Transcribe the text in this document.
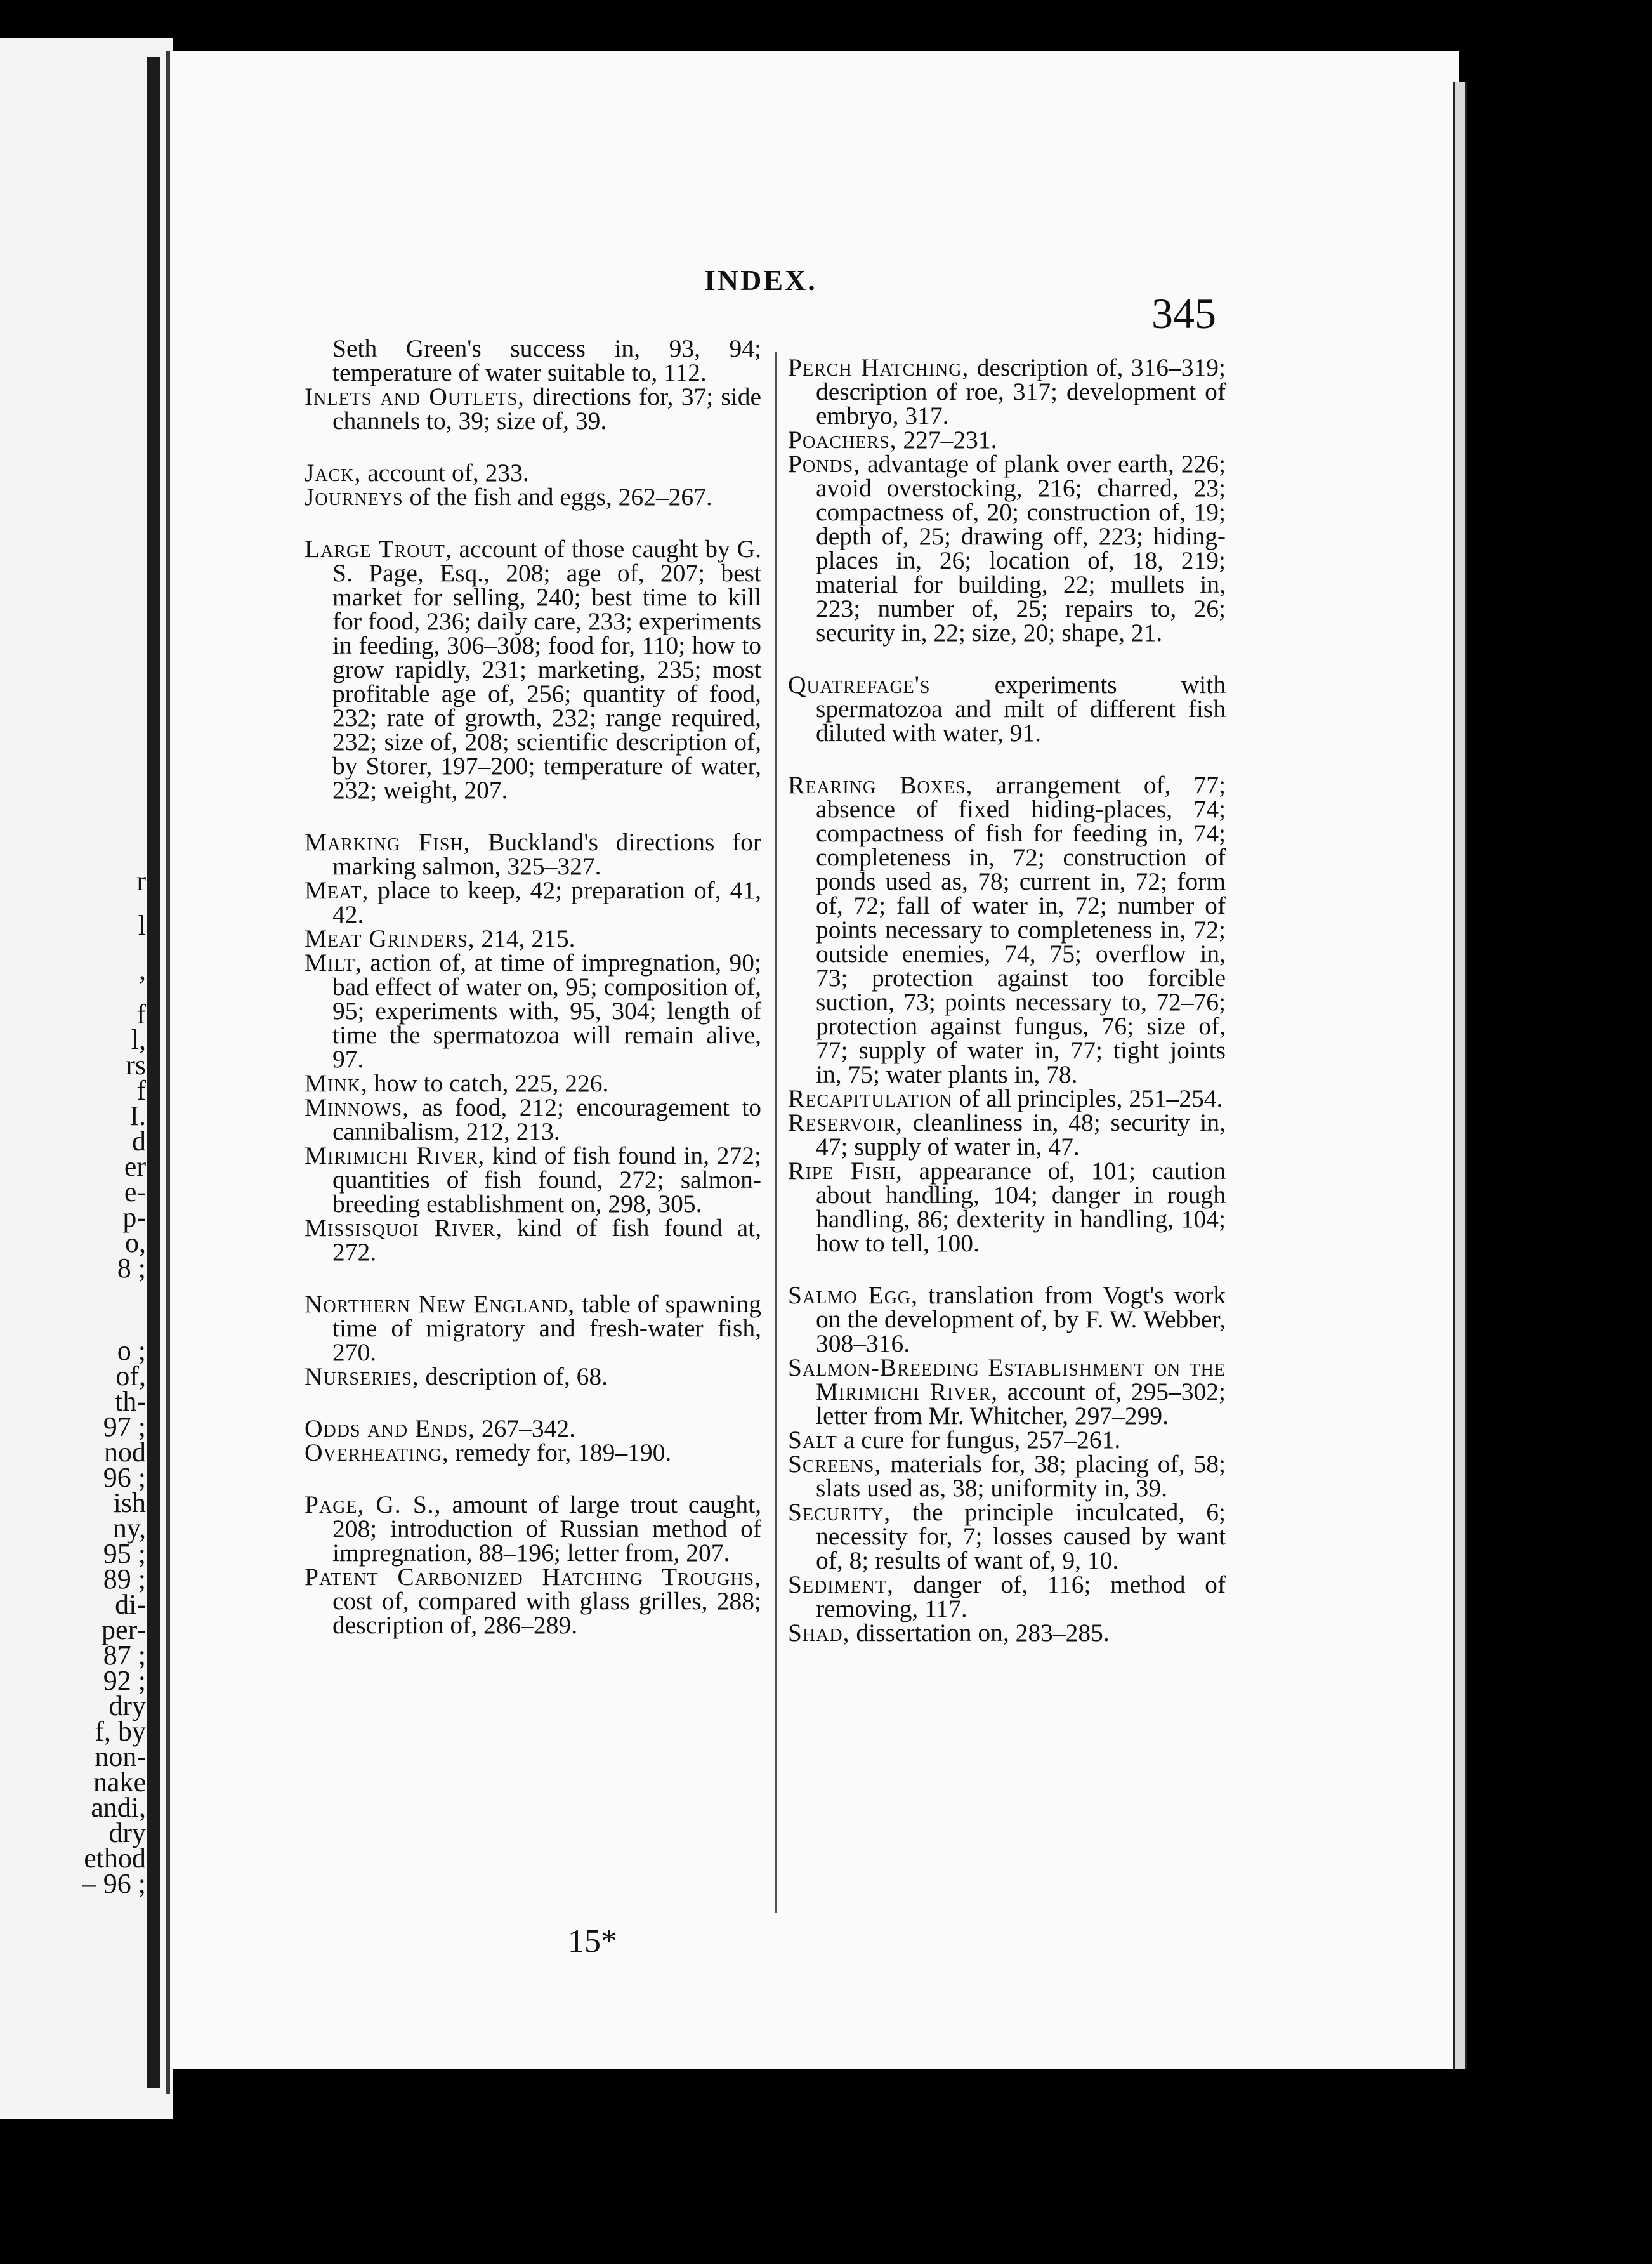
o ;
of,
th-
97 ;
nod
96 ;
ish
ny,
95 ;
89 ;
di-
per-
87 ;
92 ;
dry
f, by
non-
nake
andi,
dry
ethod
– 96 ;
f
l,
rs
f
I.
d
er
e-
p-
o,
8 ;
l
,
r
INDEX.
345
Seth Green's success in, 93, 94; temperature of water suitable to, 112.
Inlets and Outlets, directions for, 37; side channels to, 39; size of, 39.
Jack, account of, 233.
Journeys of the fish and eggs, 262–267.
Large Trout, account of those caught by G. S. Page, Esq., 208; age of, 207; best market for selling, 240; best time to kill for food, 236; daily care, 233; experiments in feeding, 306–308; food for, 110; how to grow rapidly, 231; marketing, 235; most profitable age of, 256; quantity of food, 232; rate of growth, 232; range required, 232; size of, 208; scientific description of, by Storer, 197–200; temperature of water, 232; weight, 207.
Marking Fish, Buckland's directions for marking salmon, 325–327.
Meat, place to keep, 42; preparation of, 41, 42.
Meat Grinders, 214, 215.
Milt, action of, at time of impregnation, 90; bad effect of water on, 95; composition of, 95; experiments with, 95, 304; length of time the spermatozoa will remain alive, 97.
Mink, how to catch, 225, 226.
Minnows, as food, 212; encouragement to cannibalism, 212, 213.
Mirimichi River, kind of fish found in, 272; quantities of fish found, 272; salmon-breeding establishment on, 298, 305.
Missisquoi River, kind of fish found at, 272.
Northern New England, table of spawning time of migratory and fresh-water fish, 270.
Nurseries, description of, 68.
Odds and Ends, 267–342.
Overheating, remedy for, 189–190.
Page, G. S., amount of large trout caught, 208; introduction of Russian method of impregnation, 88–196; letter from, 207.
Patent Carbonized Hatching Troughs, cost of, compared with glass grilles, 288; description of, 286–289.
Perch Hatching, description of, 316–319; description of roe, 317; development of embryo, 317.
Poachers, 227–231.
Ponds, advantage of plank over earth, 226; avoid overstocking, 216; charred, 23; compactness of, 20; construction of, 19; depth of, 25; drawing off, 223; hiding-places in, 26; location of, 18, 219; material for building, 22; mullets in, 223; number of, 25; repairs to, 26; security in, 22; size, 20; shape, 21.
Quatrefage's experiments with spermatozoa and milt of different fish diluted with water, 91.
Rearing Boxes, arrangement of, 77; absence of fixed hiding-places, 74; compactness of fish for feeding in, 74; completeness in, 72; construction of ponds used as, 78; current in, 72; form of, 72; fall of water in, 72; number of points necessary to completeness in, 72; outside enemies, 74, 75; overflow in, 73; protection against too forcible suction, 73; points necessary to, 72–76; protection against fungus, 76; size of, 77; supply of water in, 77; tight joints in, 75; water plants in, 78.
Recapitulation of all principles, 251–254.
Reservoir, cleanliness in, 48; security in, 47; supply of water in, 47.
Ripe Fish, appearance of, 101; caution about handling, 104; danger in rough handling, 86; dexterity in handling, 104; how to tell, 100.
Salmo Egg, translation from Vogt's work on the development of, by F. W. Webber, 308–316.
Salmon-Breeding Establishment on the Mirimichi River, account of, 295–302; letter from Mr. Whitcher, 297–299.
Salt a cure for fungus, 257–261.
Screens, materials for, 38; placing of, 58; slats used as, 38; uniformity in, 39.
Security, the principle inculcated, 6; necessity for, 7; losses caused by want of, 8; results of want of, 9, 10.
Sediment, danger of, 116; method of removing, 117.
Shad, dissertation on, 283–285.
15*
